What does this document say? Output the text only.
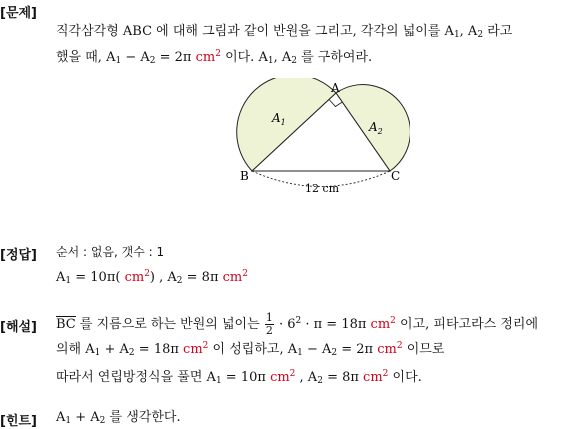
[문제]
직각삼각형 ABC 에 대해 그림과 같이 반원을 그리고, 각각의 넓이를 $A_1$, $A_2$ 라고
했을 때, $A_1 - A_2 = 2\pi$ $cm^2$ 이다. $A_1$, $A_2$ 를 구하여라.
A
B	C
$A_1$	$A_2$
12 cm
[정답] 순서 : 없음, 갯수 : 1
$A_1 = 10\pi$( $cm^2$) , $A_2 = 8\pi$ $cm^2$
[해설] BC 를 지름으로 하는 반원의 넓이는 $\frac{1}{2} \cdot 6^2 \cdot \pi = 18\pi$ $cm^2$ 이고, 피타고라스 정리에
의해 $A_1 + A_2 = 18\pi$ $cm^2$ 이 성립하고, $A_1 - A_2 = 2\pi$ $cm^2$ 이므로
따라서 연립방정식을 풀면 $A_1 = 10\pi$ $cm^2$ , $A_2 = 8\pi$ $cm^2$ 이다.
[힌트] $A_1 + A_2$ 를 생각한다.
